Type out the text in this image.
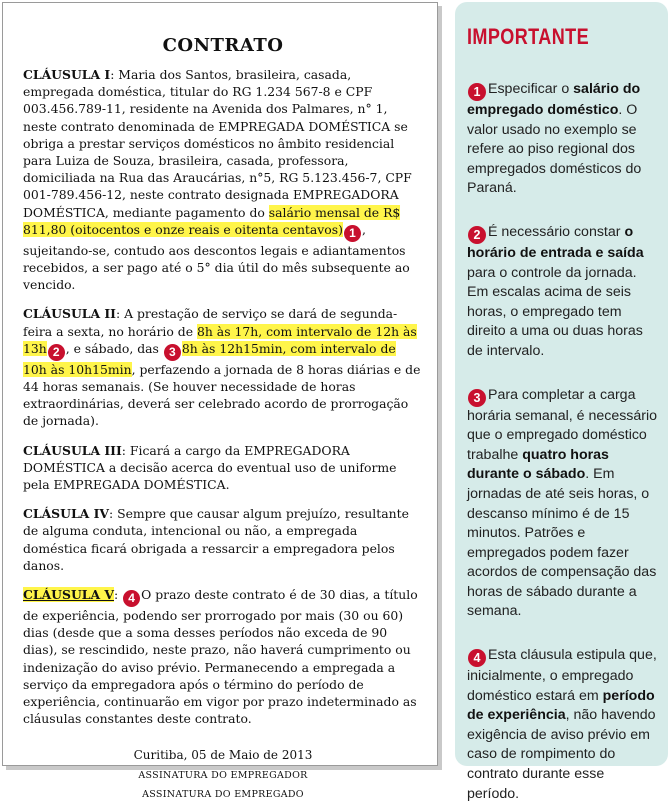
CONTRATO

CLÁUSULA I: Maria dos Santos, brasileira, casada, empregada doméstica, titular do RG 1.234 567-8 e CPF 003.456.789-11, residente na Avenida dos Palmares, n° 1, neste contrato denominada de EMPREGADA DOMÉSTICA se obriga a prestar serviços domésticos no âmbito residencial para Luiza de Souza, brasileira, casada, professora, domiciliada na Rua das Araucárias, n°5, RG 5.123.456-7, CPF 001-789.456-12, neste contrato designada EMPREGADORA DOMÉSTICA, mediante pagamento do salário mensal de R$ 811,80 (oitocentos e onze reais e oitenta centavos) 1 , sujeitando-se, contudo aos descontos legais e adiantamentos recebidos, a ser pago até o 5° dia útil do mês subsequente ao vencido.

CLÁUSULA II: A prestação de serviço se dará de segunda-feira a sexta, no horário de 8h às 17h, com intervalo de 12h às 13h 2 , e sábado, das 3 8h às 12h15min, com intervalo de 10h às 10h15min, perfazendo a jornada de 8 horas diárias e de 44 horas semanais. (Se houver necessidade de horas extraordinárias, deverá ser celebrado acordo de prorrogação de jornada).

CLÁUSULA III: Ficará a cargo da EMPREGADORA DOMÉSTICA a decisão acerca do eventual uso de uniforme pela EMPREGADA DOMÉSTICA.

CLÁSULA IV: Sempre que causar algum prejuízo, resultante de alguma conduta, intencional ou não, a empregada doméstica ficará obrigada a ressarcir a empregadora pelos danos.

CLÁUSULA V: 4 O prazo deste contrato é de 30 dias, a título de experiência, podendo ser prorrogado por mais (30 ou 60) dias (desde que a soma desses períodos não exceda de 90 dias), se rescindido, neste prazo, não haverá cumprimento ou indenização do aviso prévio. Permanecendo a empregada a serviço da empregadora após o término do período de experiência, continuarão em vigor por prazo indeterminado as cláusulas constantes deste contrato.

Curitiba, 05 de Maio de 2013
ASSINATURA DO EMPREGADOR
ASSINATURA DO EMPREGADO
IMPORTANTE
1 Especificar o salário do empregado doméstico. O valor usado no exemplo se refere ao piso regional dos empregados domésticos do Paraná.
2 É necessário constar o horário de entrada e saída para o controle da jornada. Em escalas acima de seis horas, o empregado tem direito a uma ou duas horas de intervalo.
3 Para completar a carga horária semanal, é necessário que o empregado doméstico trabalhe quatro horas durante o sábado. Em jornadas de até seis horas, o descanso mínimo é de 15 minutos. Patrões e empregados podem fazer acordos de compensação das horas de sábado durante a semana.
4 Esta cláusula estipula que, inicialmente, o empregado doméstico estará em período de experiência, não havendo exigência de aviso prévio em caso de rompimento do contrato durante esse período.
